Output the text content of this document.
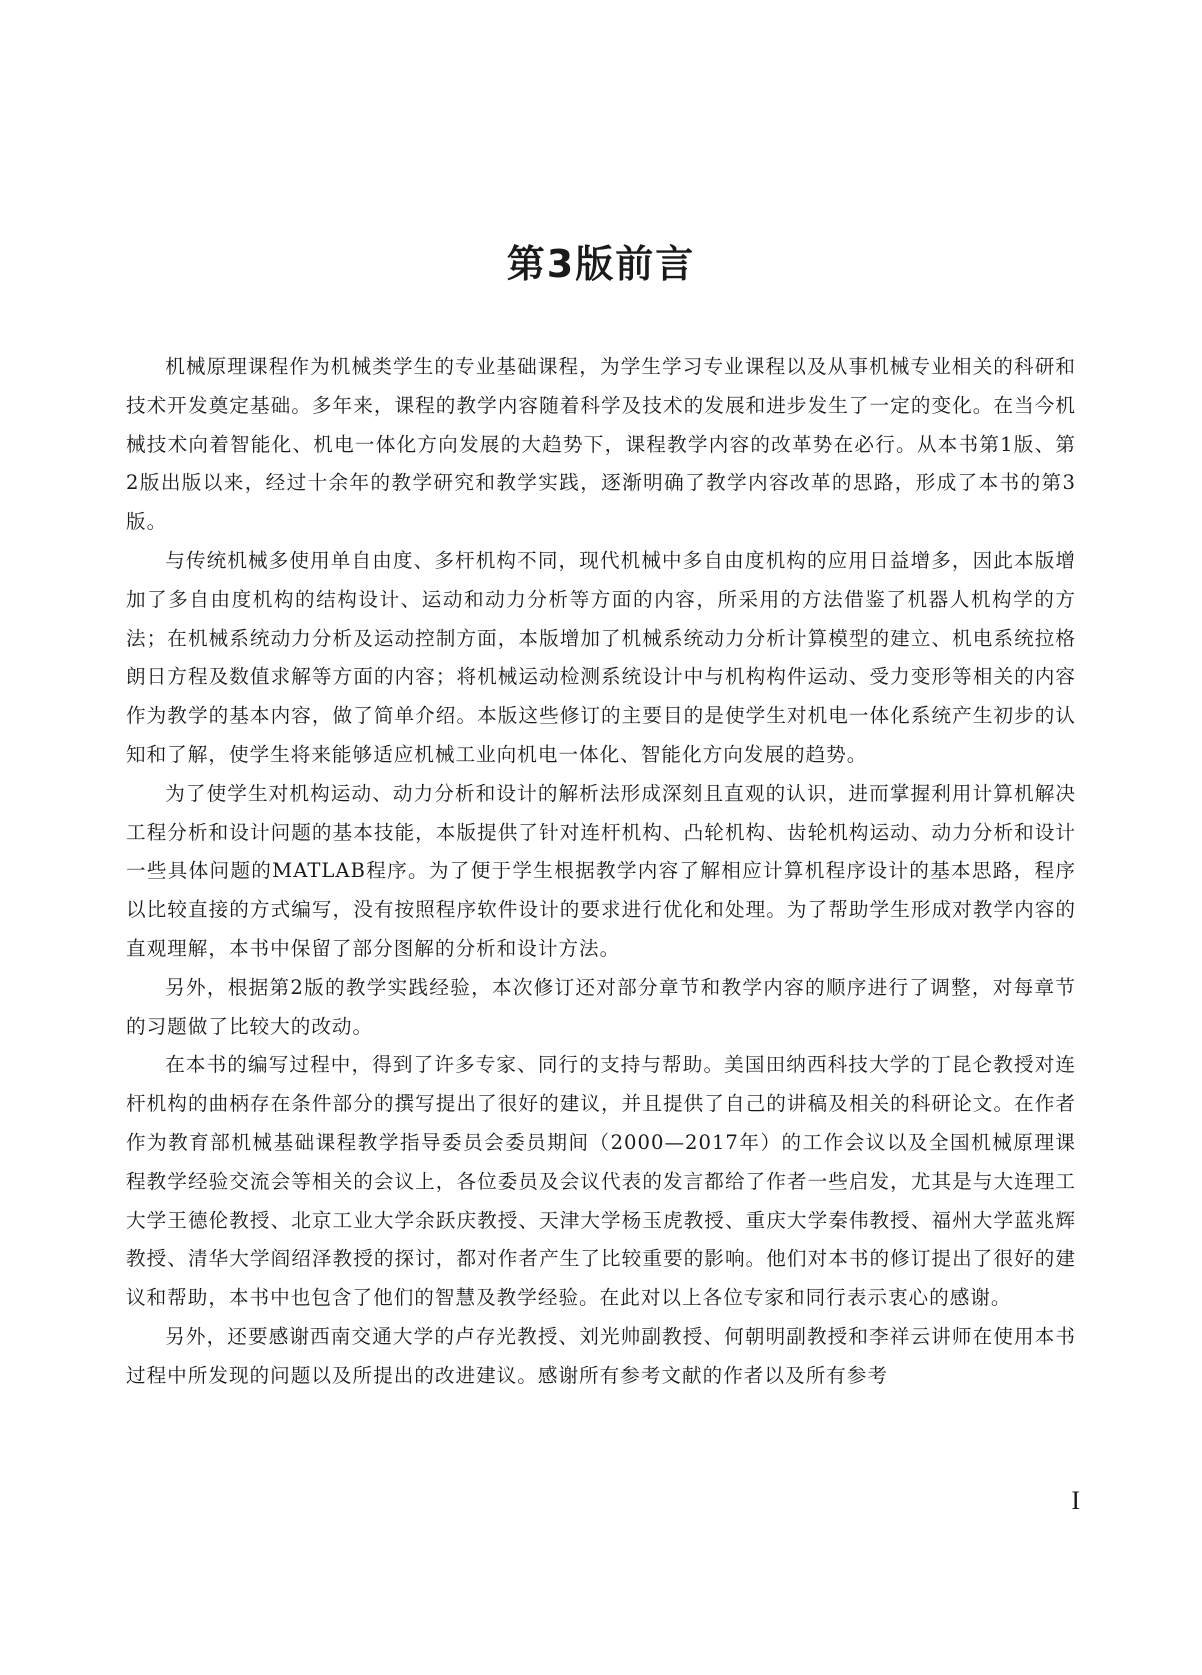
第3版前言

机械原理课程作为机械类学生的专业基础课程，为学生学习专业课程以及从事机械专业相关的科研和技术开发奠定基础。多年来，课程的教学内容随着科学及技术的发展和进步发生了一定的变化。在当今机械技术向着智能化、机电一体化方向发展的大趋势下，课程教学内容的改革势在必行。从本书第1版、第2版出版以来，经过十余年的教学研究和教学实践，逐渐明确了教学内容改革的思路，形成了本书的第3版。

与传统机械多使用单自由度、多杆机构不同，现代机械中多自由度机构的应用日益增多，因此本版增加了多自由度机构的结构设计、运动和动力分析等方面的内容，所采用的方法借鉴了机器人机构学的方法；在机械系统动力分析及运动控制方面，本版增加了机械系统动力分析计算模型的建立、机电系统拉格朗日方程及数值求解等方面的内容；将机械运动检测系统设计中与机构构件运动、受力变形等相关的内容作为教学的基本内容，做了简单介绍。本版这些修订的主要目的是使学生对机电一体化系统产生初步的认知和了解，使学生将来能够适应机械工业向机电一体化、智能化方向发展的趋势。

为了使学生对机构运动、动力分析和设计的解析法形成深刻且直观的认识，进而掌握利用计算机解决工程分析和设计问题的基本技能，本版提供了针对连杆机构、凸轮机构、齿轮机构运动、动力分析和设计一些具体问题的MATLAB程序。为了便于学生根据教学内容了解相应计算机程序设计的基本思路，程序以比较直接的方式编写，没有按照程序软件设计的要求进行优化和处理。为了帮助学生形成对教学内容的直观理解，本书中保留了部分图解的分析和设计方法。

另外，根据第2版的教学实践经验，本次修订还对部分章节和教学内容的顺序进行了调整，对每章节的习题做了比较大的改动。

在本书的编写过程中，得到了许多专家、同行的支持与帮助。美国田纳西科技大学的丁昆仑教授对连杆机构的曲柄存在条件部分的撰写提出了很好的建议，并且提供了自己的讲稿及相关的科研论文。在作者作为教育部机械基础课程教学指导委员会委员期间（2000—2017年）的工作会议以及全国机械原理课程教学经验交流会等相关的会议上，各位委员及会议代表的发言都给了作者一些启发，尤其是与大连理工大学王德伦教授、北京工业大学余跃庆教授、天津大学杨玉虎教授、重庆大学秦伟教授、福州大学蓝兆辉教授、清华大学阎绍泽教授的探讨，都对作者产生了比较重要的影响。他们对本书的修订提出了很好的建议和帮助，本书中也包含了他们的智慧及教学经验。在此对以上各位专家和同行表示衷心的感谢。

另外，还要感谢西南交通大学的卢存光教授、刘光帅副教授、何朝明副教授和李祥云讲师在使用本书过程中所发现的问题以及所提出的改进建议。感谢所有参考文献的作者以及所有参考

I
